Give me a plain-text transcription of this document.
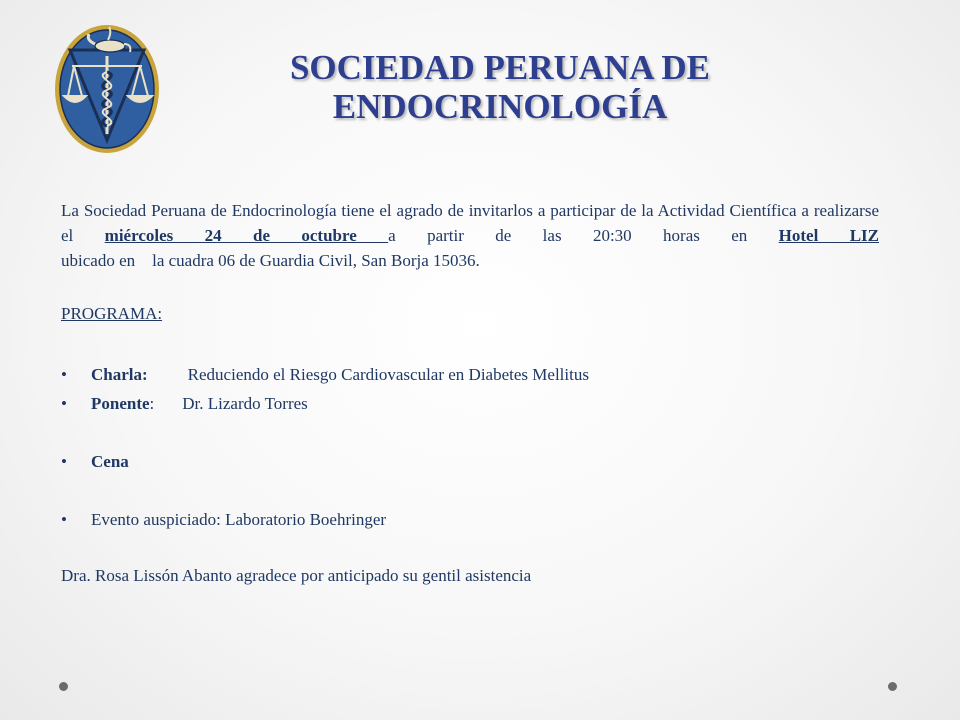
SOCIEDAD PERUANA DE
ENDOCRINOLOGÍA

La Sociedad Peruana de Endocrinología tiene el agrado de invitarlos a participar de la Actividad Científica a realizarse el miércoles 24 de octubre a partir de las 20:30 horas en Hotel LIZ ubicado en    la cuadra 06 de Guardia Civil, San Borja 15036.

PROGRAMA:
• Charla: Reduciendo el Riesgo Cardiovascular en Diabetes Mellitus
• Ponente: Dr. Lizardo Torres
• Cena
• Evento auspiciado: Laboratorio Boehringer
Dra. Rosa Lissón Abanto agradece por anticipado su gentil asistencia
